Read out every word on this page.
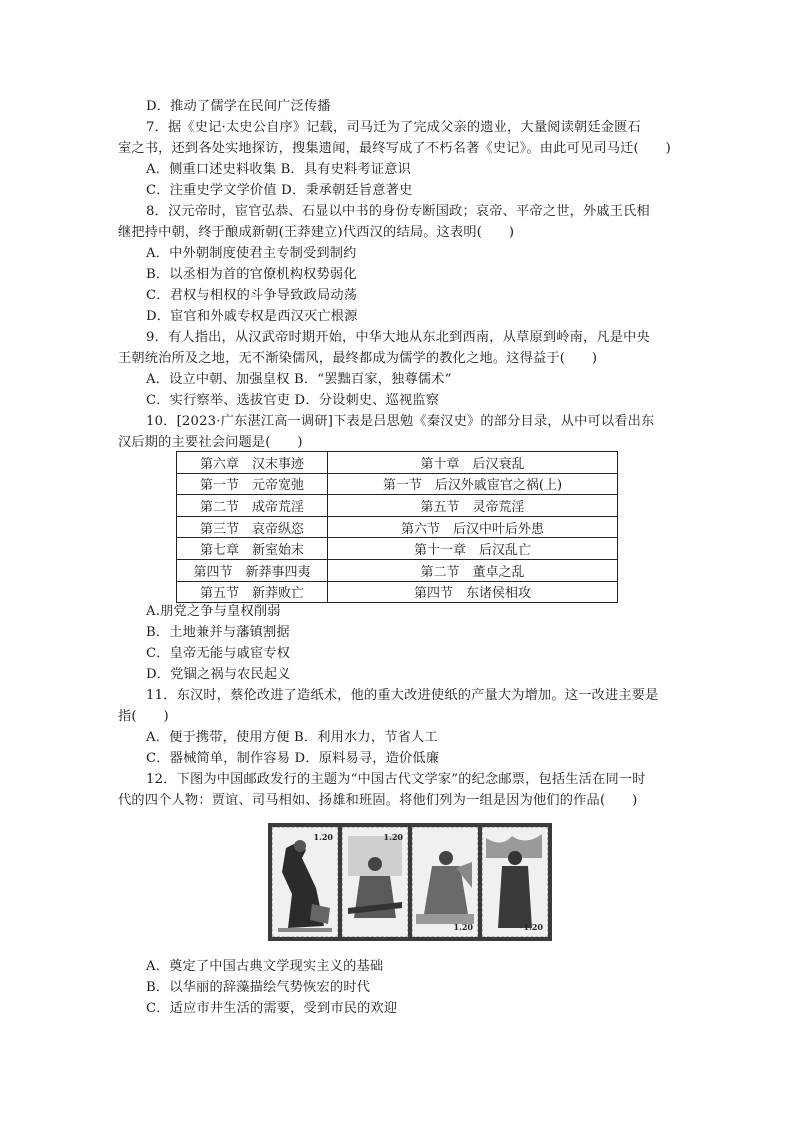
D．推动了儒学在民间广泛传播
7．据《史记·太史公自序》记载，司马迁为了完成父亲的遗业，大量阅读朝廷金匮石
室之书，还到各处实地探访，搜集遗闻，最终写成了不朽名著《史记》。由此可见司马迁(　　)
A．侧重口述史料收集 B．具有史料考证意识
C．注重史学文学价值 D．秉承朝廷旨意著史
8．汉元帝时，宦官弘恭、石显以中书的身份专断国政；哀帝、平帝之世，外戚王氏相
继把持中朝，终于酿成新朝(王莽建立)代西汉的结局。这表明(　　)
A．中外朝制度使君主专制受到制约
B．以丞相为首的官僚机构权势弱化
C．君权与相权的斗争导致政局动荡
D．宦官和外戚专权是西汉灭亡根源
9．有人指出，从汉武帝时期开始，中华大地从东北到西南，从草原到岭南，凡是中央
王朝统治所及之地，无不渐染儒风，最终都成为儒学的教化之地。这得益于(　　)
A．设立中朝、加强皇权 B．“罢黜百家，独尊儒术”
C．实行察举、选拔官吏 D．分设刺史、巡视监察
10．[2023·广东湛江高一调研]下表是吕思勉《秦汉史》的部分目录，从中可以看出东
汉后期的主要社会问题是(　　)
第六章　汉末事迹	第十章　后汉衰乱
第一节　元帝宽弛	第一节　后汉外戚宦官之祸(上)
第二节　成帝荒淫	第五节　灵帝荒淫
第三节　哀帝纵恣	第六节　后汉中叶后外患
第七章　新室始末	第十一章　后汉乱亡
第四节　新莽事四夷	第二节　董卓之乱
第五节　新莽败亡	第四节　东诸侯相攻
A.朋党之争与皇权削弱
B．土地兼并与藩镇割据
C．皇帝无能与戚宦专权
D．党锢之祸与农民起义
11．东汉时，蔡伦改进了造纸术，他的重大改进使纸的产量大为增加。这一改进主要是
指(　　)
A．便于携带，使用方便 B．利用水力，节省人工
C．器械简单，制作容易 D．原料易寻，造价低廉
12．下图为中国邮政发行的主题为“中国古代文学家”的纪念邮票，包括生活在同一时
代的四个人物：贾谊、司马相如、扬雄和班固。将他们列为一组是因为他们的作品(　　)
1.20	1.20
1.20	1.20
A．奠定了中国古典文学现实主义的基础
B．以华丽的辞藻描绘气势恢宏的时代
C．适应市井生活的需要，受到市民的欢迎
